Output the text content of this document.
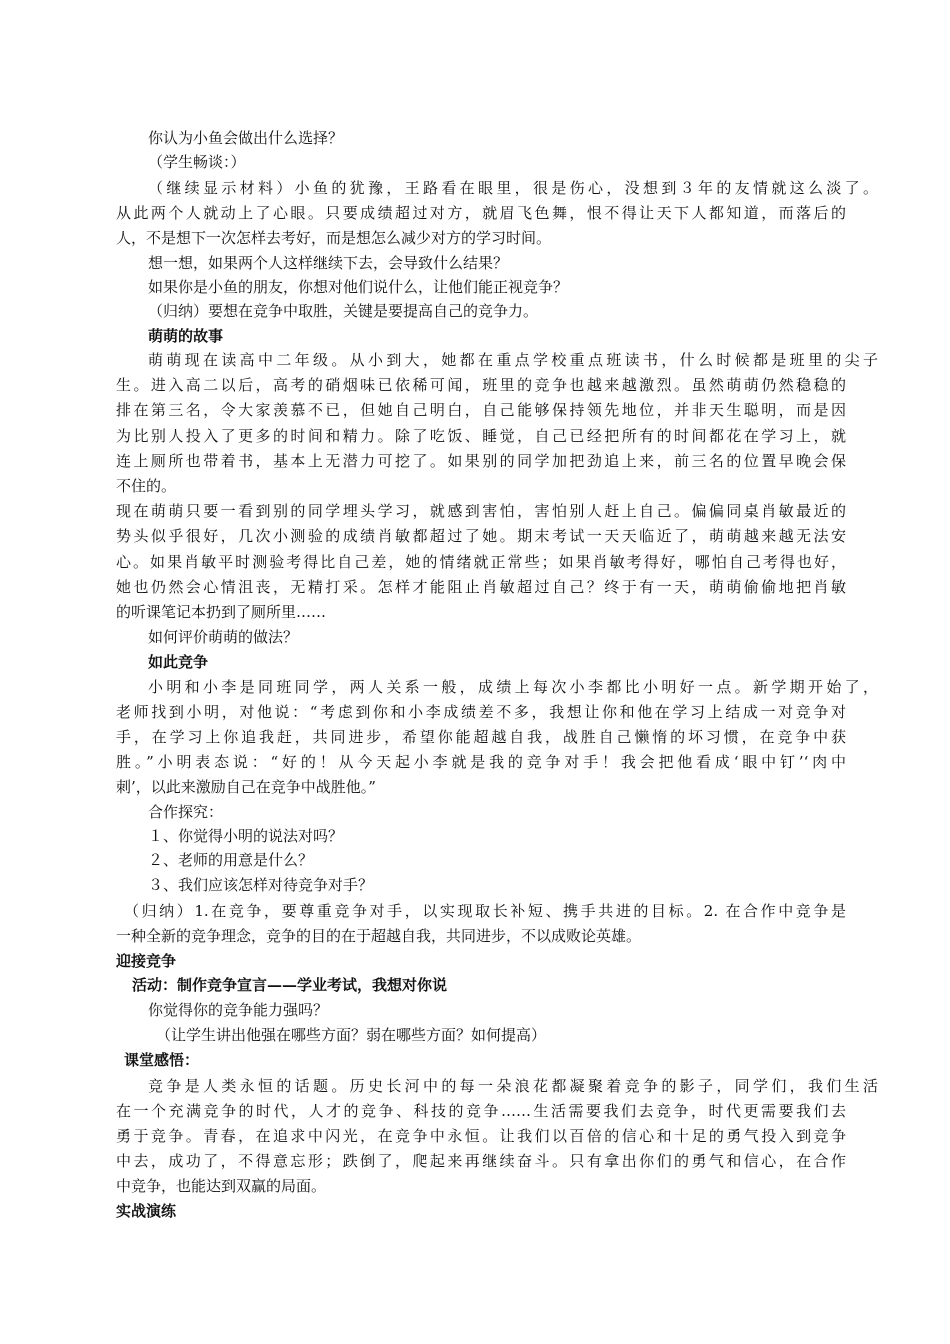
你认为小鱼会做出什么选择？
（学生畅谈：）
（继续显示材料）小鱼的犹豫，王路看在眼里，很是伤心，没想到３年的友情就这么淡了。
从此两个人就动上了心眼。只要成绩超过对方，就眉飞色舞，恨不得让天下人都知道，而落后的
人，不是想下一次怎样去考好，而是想怎么减少对方的学习时间。
想一想，如果两个人这样继续下去，会导致什么结果？
如果你是小鱼的朋友，你想对他们说什么，让他们能正视竞争？
（归纳）要想在竞争中取胜，关键是要提高自己的竞争力。
萌萌的故事
萌萌现在读高中二年级。从小到大，她都在重点学校重点班读书，什么时候都是班里的尖子
生。进入高二以后，高考的硝烟味已依稀可闻，班里的竞争也越来越激烈。虽然萌萌仍然稳稳的
排在第三名，令大家羡慕不已，但她自己明白，自己能够保持领先地位，并非天生聪明，而是因
为比别人投入了更多的时间和精力。除了吃饭、睡觉，自己已经把所有的时间都花在学习上，就
连上厕所也带着书，基本上无潜力可挖了。如果别的同学加把劲追上来，前三名的位置早晚会保
不住的。
现在萌萌只要一看到别的同学埋头学习，就感到害怕，害怕别人赶上自己。偏偏同桌肖敏最近的
势头似乎很好，几次小测验的成绩肖敏都超过了她。期末考试一天天临近了，萌萌越来越无法安
心。如果肖敏平时测验考得比自己差，她的情绪就正常些；如果肖敏考得好，哪怕自己考得也好，
她也仍然会心情沮丧，无精打采。怎样才能阻止肖敏超过自己？终于有一天，萌萌偷偷地把肖敏
的听课笔记本扔到了厕所里……
如何评价萌萌的做法？
如此竞争
小明和小李是同班同学，两人关系一般，成绩上每次小李都比小明好一点。新学期开始了，
老师找到小明，对他说：“考虑到你和小李成绩差不多，我想让你和他在学习上结成一对竞争对
手，在学习上你追我赶，共同进步，希望你能超越自我，战胜自己懒惰的坏习惯，在竞争中获
胜。”小明表态说：“好的！从今天起小李就是我的竞争对手！我会把他看成‘眼中钉’‘肉中
刺’，以此来激励自己在竞争中战胜他。”
合作探究：
１、你觉得小明的说法对吗？
２、老师的用意是什么？
３、我们应该怎样对待竞争对手？
（归纳）1.在竞争，要尊重竞争对手，以实现取长补短、携手共进的目标。2. 在合作中竞争是
一种全新的竞争理念，竞争的目的在于超越自我，共同进步，不以成败论英雄。
迎接竞争
活动：制作竞争宣言——学业考试，我想对你说
你觉得你的竞争能力强吗？
（让学生讲出他强在哪些方面？弱在哪些方面？如何提高）
课堂感悟：
竞争是人类永恒的话题。历史长河中的每一朵浪花都凝聚着竞争的影子，同学们，我们生活
在一个充满竞争的时代，人才的竞争、科技的竞争……生活需要我们去竞争，时代更需要我们去
勇于竞争。青春，在追求中闪光，在竞争中永恒。让我们以百倍的信心和十足的勇气投入到竞争
中去，成功了，不得意忘形；跌倒了，爬起来再继续奋斗。只有拿出你们的勇气和信心，在合作
中竞争，也能达到双赢的局面。
实战演练
